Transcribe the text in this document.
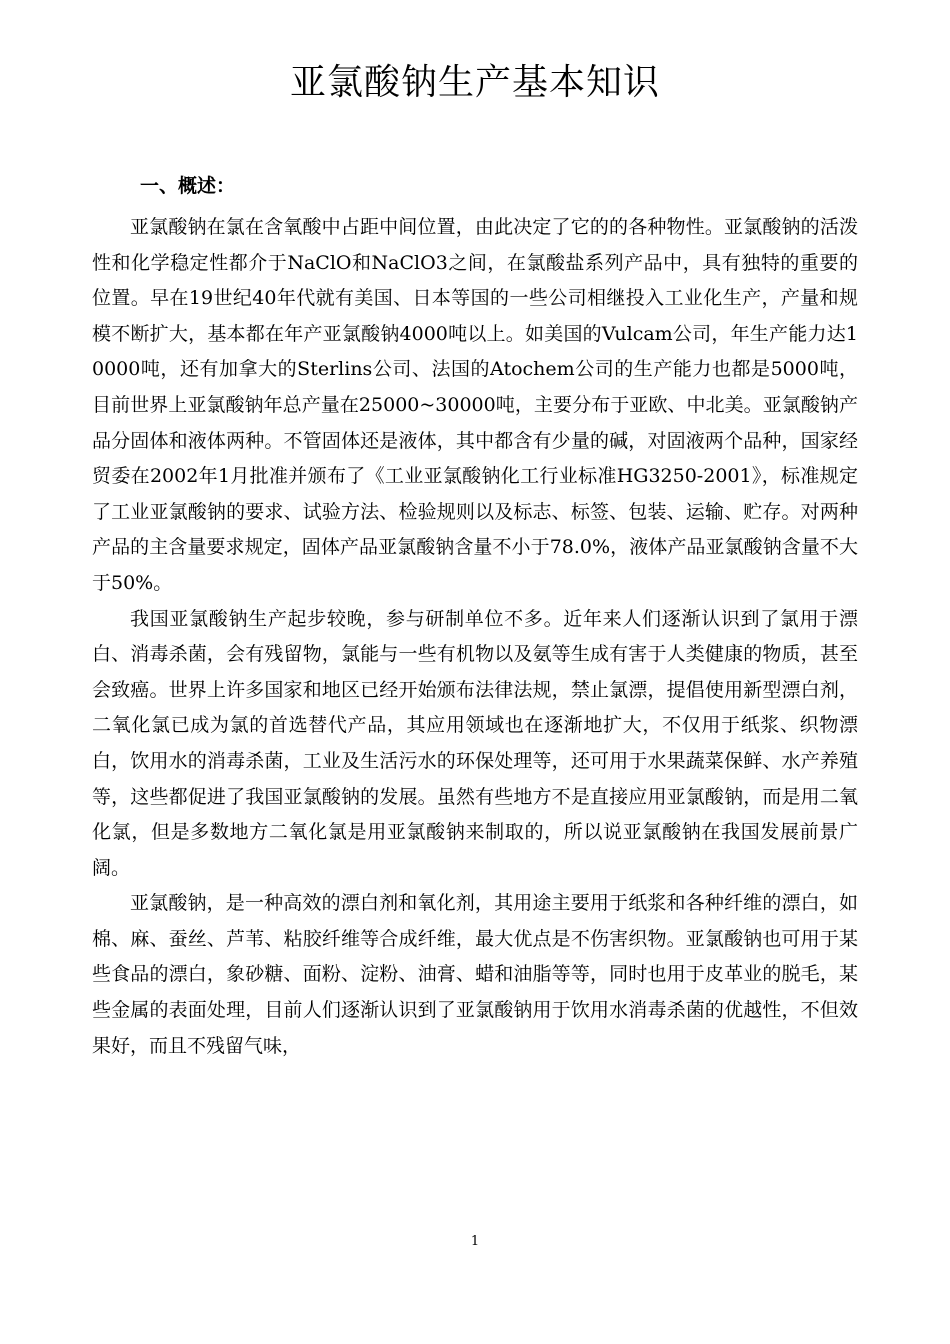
亚氯酸钠生产基本知识
一、概述：

亚氯酸钠在氯在含氧酸中占距中间位置，由此决定了它的的各种物性。亚氯酸钠的活泼性和化学稳定性都介于NaClO和NaClO3之间，在氯酸盐系列产品中，具有独特的重要的位置。早在19世纪40年代就有美国、日本等国的一些公司相继投入工业化生产，产量和规模不断扩大，基本都在年产亚氯酸钠4000吨以上。如美国的Vulcam公司，年生产能力达10000吨，还有加拿大的Sterlins公司、法国的Atochem公司的生产能力也都是5000吨，目前世界上亚氯酸钠年总产量在25000~30000吨，主要分布于亚欧、中北美。亚氯酸钠产品分固体和液体两种。不管固体还是液体，其中都含有少量的碱，对固液两个品种，国家经贸委在2002年1月批准并颁布了《工业亚氯酸钠化工行业标准HG3250-2001》，标准规定了工业亚氯酸钠的要求、试验方法、检验规则以及标志、标签、包装、运输、贮存。对两种产品的主含量要求规定，固体产品亚氯酸钠含量不小于78.0%，液体产品亚氯酸钠含量不大于50%。

我国亚氯酸钠生产起步较晚，参与研制单位不多。近年来人们逐渐认识到了氯用于漂白、消毒杀菌，会有残留物，氯能与一些有机物以及氨等生成有害于人类健康的物质，甚至会致癌。世界上许多国家和地区已经开始颁布法律法规，禁止氯漂，提倡使用新型漂白剂，二氧化氯已成为氯的首选替代产品，其应用领域也在逐渐地扩大，不仅用于纸浆、织物漂白，饮用水的消毒杀菌，工业及生活污水的环保处理等，还可用于水果蔬菜保鲜、水产养殖等，这些都促进了我国亚氯酸钠的发展。虽然有些地方不是直接应用亚氯酸钠，而是用二氧化氯，但是多数地方二氧化氯是用亚氯酸钠来制取的，所以说亚氯酸钠在我国发展前景广阔。

亚氯酸钠，是一种高效的漂白剂和氧化剂，其用途主要用于纸浆和各种纤维的漂白，如棉、麻、蚕丝、芦苇、粘胶纤维等合成纤维，最大优点是不伤害织物。亚氯酸钠也可用于某些食品的漂白，象砂糖、面粉、淀粉、油膏、蜡和油脂等等，同时也用于皮革业的脱毛，某些金属的表面处理，目前人们逐渐认识到了亚氯酸钠用于饮用水消毒杀菌的优越性，不但效果好，而且不残留气味，

1
